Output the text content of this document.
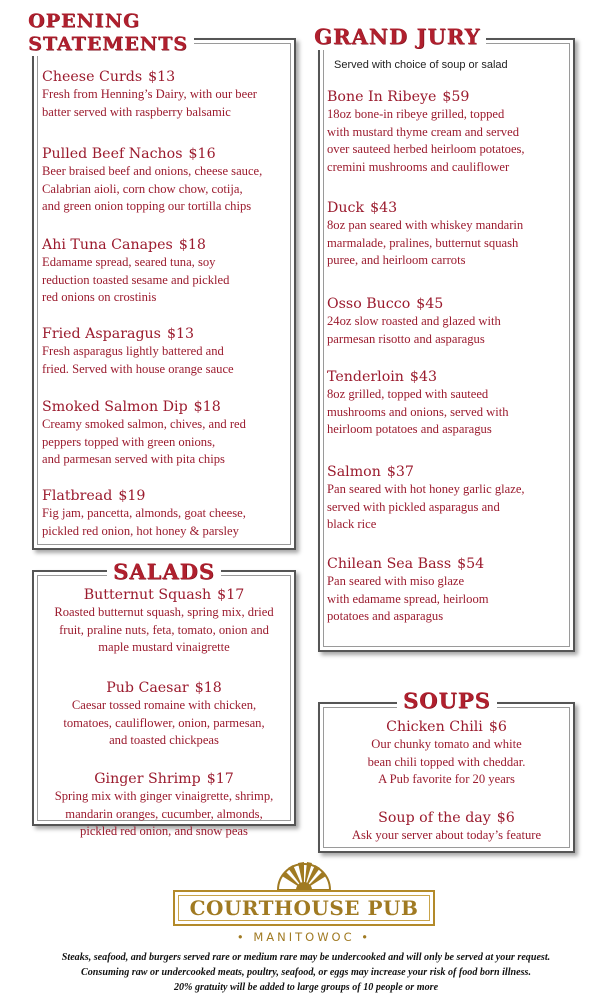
OPENING
STATEMENTS
Cheese Curds $13
Fresh from Henning’s Dairy, with our beer
batter served with raspberry balsamic
Pulled Beef Nachos $16
Beer braised beef and onions, cheese sauce,
Calabrian aioli, corn chow chow, cotija,
and green onion topping our tortilla chips
Ahi Tuna Canapes $18
Edamame spread, seared tuna, soy
reduction toasted sesame and pickled
red onions on crostinis
Fried Asparagus $13
Fresh asparagus lightly battered and
fried. Served with house orange sauce
Smoked Salmon Dip $18
Creamy smoked salmon, chives, and red
peppers topped with green onions,
and parmesan served with pita chips
Flatbread $19
Fig jam, pancetta, almonds, goat cheese,
pickled red onion, hot honey & parsley
GRAND JURY
Served with choice of soup or salad
Bone In Ribeye $59
18oz bone-in ribeye grilled, topped
with mustard thyme cream and served
over sauteed herbed heirloom potatoes,
cremini mushrooms and cauliflower
Duck $43
8oz pan seared with whiskey mandarin
marmalade, pralines, butternut squash
puree, and heirloom carrots
Osso Bucco $45
24oz slow roasted and glazed with
parmesan risotto and asparagus
Tenderloin $43
8oz grilled, topped with sauteed
mushrooms and onions, served with
heirloom potatoes and asparagus
Salmon $37
Pan seared with hot honey garlic glaze,
served with pickled asparagus and
black rice
Chilean Sea Bass $54
Pan seared with miso glaze
with edamame spread, heirloom
potatoes and asparagus
SALADS
Butternut Squash $17
Roasted butternut squash, spring mix, dried
fruit, praline nuts, feta, tomato, onion and
maple mustard vinaigrette
Pub Caesar $18
Caesar tossed romaine with chicken,
tomatoes, cauliflower, onion, parmesan,
and toasted chickpeas
Ginger Shrimp $17
Spring mix with ginger vinaigrette, shrimp,
mandarin oranges, cucumber, almonds,
pickled red onion, and snow peas
SOUPS
Chicken Chili $6
Our chunky tomato and white
bean chili topped with cheddar.
A Pub favorite for 20 years
Soup of the day $6
Ask your server about today’s feature
COURTHOUSE PUB
• MANITOWOC •
Steaks, seafood, and burgers served rare or medium rare may be undercooked and will only be served at your request.
Consuming raw or undercooked meats, poultry, seafood, or eggs may increase your risk of food born illness.
20% gratuity will be added to large groups of 10 people or more
